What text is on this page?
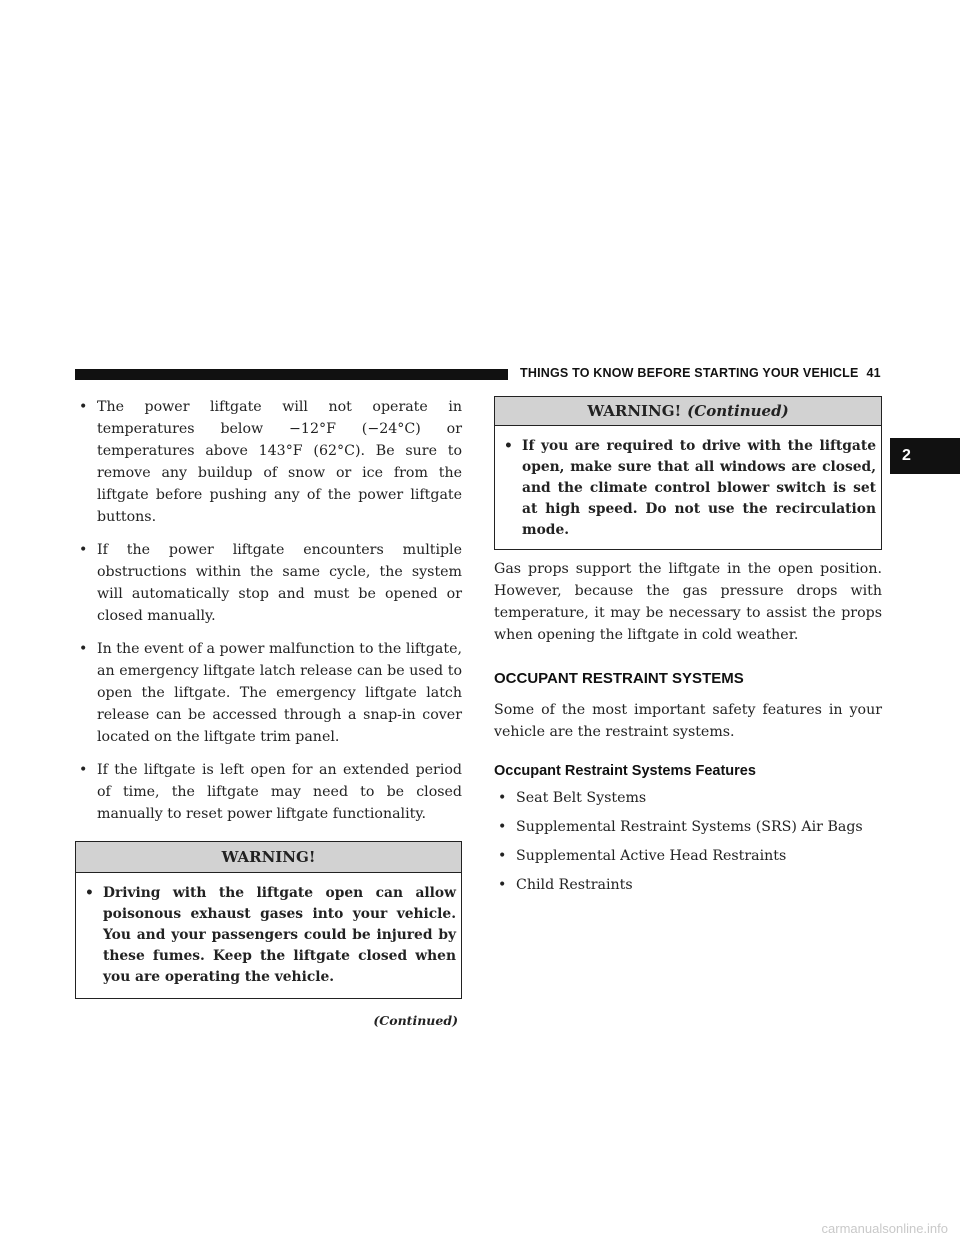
THINGS TO KNOW BEFORE STARTING YOUR VEHICLE 41
2
• The power liftgate will not operate in temperatures below −12°F (−24°C) or temperatures above 143°F (62°C). Be sure to remove any buildup of snow or ice from the liftgate before pushing any of the power liftgate buttons.
• If the power liftgate encounters multiple obstructions within the same cycle, the system will automatically stop and must be opened or closed manually.
• In the event of a power malfunction to the liftgate, an emergency liftgate latch release can be used to open the liftgate. The emergency liftgate latch release can be accessed through a snap-in cover located on the liftgate trim panel.
• If the liftgate is left open for an extended period of time, the liftgate may need to be closed manually to reset power liftgate functionality.
WARNING!
• Driving with the liftgate open can allow poisonous exhaust gases into your vehicle. You and your passengers could be injured by these fumes. Keep the liftgate closed when you are operating the vehicle.
(Continued)
WARNING! (Continued)
• If you are required to drive with the liftgate open, make sure that all windows are closed, and the climate control blower switch is set at high speed. Do not use the recirculation mode.

Gas props support the liftgate in the open position. However, because the gas pressure drops with temperature, it may be necessary to assist the props when opening the liftgate in cold weather.

OCCUPANT RESTRAINT SYSTEMS

Some of the most important safety features in your vehicle are the restraint systems.

Occupant Restraint Systems Features
• Seat Belt Systems
• Supplemental Restraint Systems (SRS) Air Bags
• Supplemental Active Head Restraints
• Child Restraints
carmanualsonline.info
